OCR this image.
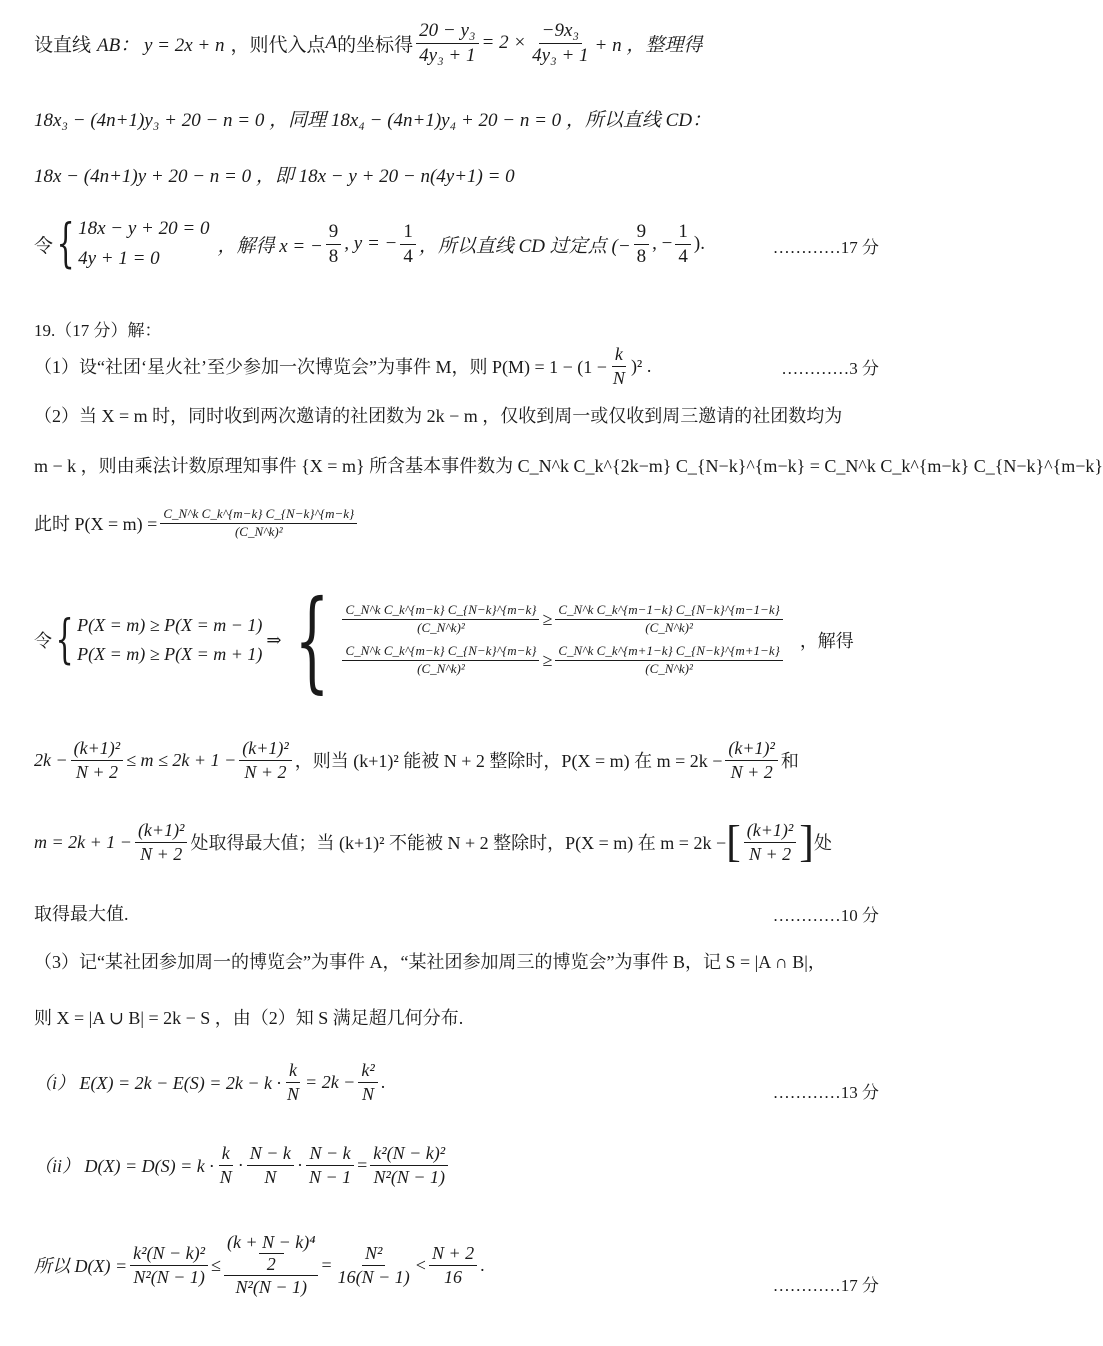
设直线 AB： y = 2x + n ，则代入点 A 的坐标得 $\frac{\text{20 − y₃}}{\text{4y₃ + 1}} = 2 \times \frac{\text{−9x₃}}{\text{4y₃ + 1}} + n$ ，整理得
18x₃ − (4n+1)y₃ + 20 − n = 0 ，同理 18x₄ − (4n+1)y₄ + 20 − n = 0 ，所以直线 CD：
18x − (4n+1)y + 20 − n = 0 ，即 18x − y + 20 − n(4y+1) = 0
令 { 18x − y + 20 = 0
4y + 1 = 0
，解得 x = − $\frac{9}{8}$ , y = − $\frac{1}{4}$ ，所以直线 CD 过定点 (− $\frac{9}{8}$ , − $\frac{1}{4}$ ).	…………17 分
19.（17 分）解：
（1）设“社团‘星火社’至少参加一次博览会”为事件 M，则 $P(M) = 1 - (1 - \frac{k}{N} )^2$ .	…………3 分
（2）当 X = m 时，同时收到两次邀请的社团数为 2k − m ，仅收到周一或仅收到周三邀请的社团数均为
m − k ，则由乘法计数原理知事件 {X = m} 所含基本事件数为 C_N^k C_k^{2k−m} C_{N−k}^{m−k} = C_N^k C_k^{m−k} C_{N−k}^{m−k}
此时 $P(X = m) = \frac{\text{C\_N\textasciicircum{}k C\_k\textasciicircum{}\{m−k\} C\_\{N−k\}\textasciicircum{}\{m−k\}}}{\text{(C\_N\textasciicircum{}k)²}}$
令 { P(X = m) ≥ P(X = m − 1)
P(X = m) ≥ P(X = m + 1)
⇒ { $\frac{\text{C\_N\textasciicircum{}k C\_k\textasciicircum{}\{m−k\} C\_\{N−k\}\textasciicircum{}\{m−k\}}}{\text{(C\_N\textasciicircum{}k)²}} \ge \frac{\text{C\_N\textasciicircum{}k C\_k\textasciicircum{}\{m−1−k\} C\_\{N−k\}\textasciicircum{}\{m−1−k\}}}{\text{(C\_N\textasciicircum{}k)²}}$
$\frac{\text{C\_N\textasciicircum{}k C\_k\textasciicircum{}\{m−k\} C\_\{N−k\}\textasciicircum{}\{m−k\}}}{\text{(C\_N\textasciicircum{}k)²}} \ge \frac{\text{C\_N\textasciicircum{}k C\_k\textasciicircum{}\{m+1−k\} C\_\{N−k\}\textasciicircum{}\{m+1−k\}}}{\text{(C\_N\textasciicircum{}k)²}}$
，解得
$2k - \frac{\text{(k+1)²}}{N + 2} \le m \le 2k + 1 - \frac{\text{(k+1)²}}{N + 2}$ ，则当 (k+1)² 能被 N + 2 整除时，P(X = m) 在 $m = 2k - \frac{\text{(k+1)²}}{N + 2}$ 和
$m = 2k + 1 - \frac{\text{(k+1)²}}{N + 2}$ 处取得最大值；当 (k+1)² 不能被 N + 2 整除时，P(X = m) 在 m = 2k − [ $\frac{\text{(k+1)²}}{N + 2}$ ] 处
取得最大值.	…………10 分
（3）记“某社团参加周一的博览会”为事件 A，“某社团参加周三的博览会”为事件 B，记 S = |A ∩ B|，
则 X = |A ∪ B| = 2k − S ，由（2）知 S 满足超几何分布.
（i） $E(X) = 2k - E(S) = 2k - k \cdot \frac{k}{N} = 2k - \frac{\text{k²}}{N}$ .
…………13 分
（ii） $D(X) = D(S) = k \cdot \frac{k}{N} \cdot \frac{N - k}{N} \cdot \frac{N - k}{N - 1} = \frac{\text{k²(N − k)²}}{\text{N²(N − 1)}}$
所以 $D(X) = \frac{\text{k²(N − k)²}}{\text{N²(N − 1)}} \le (k + N - k)^4$
2
$N^2(N - 1) = \frac{\text{N²}}{16(N - 1)} < \frac{N + 2}{16}$ .
…………17 分
